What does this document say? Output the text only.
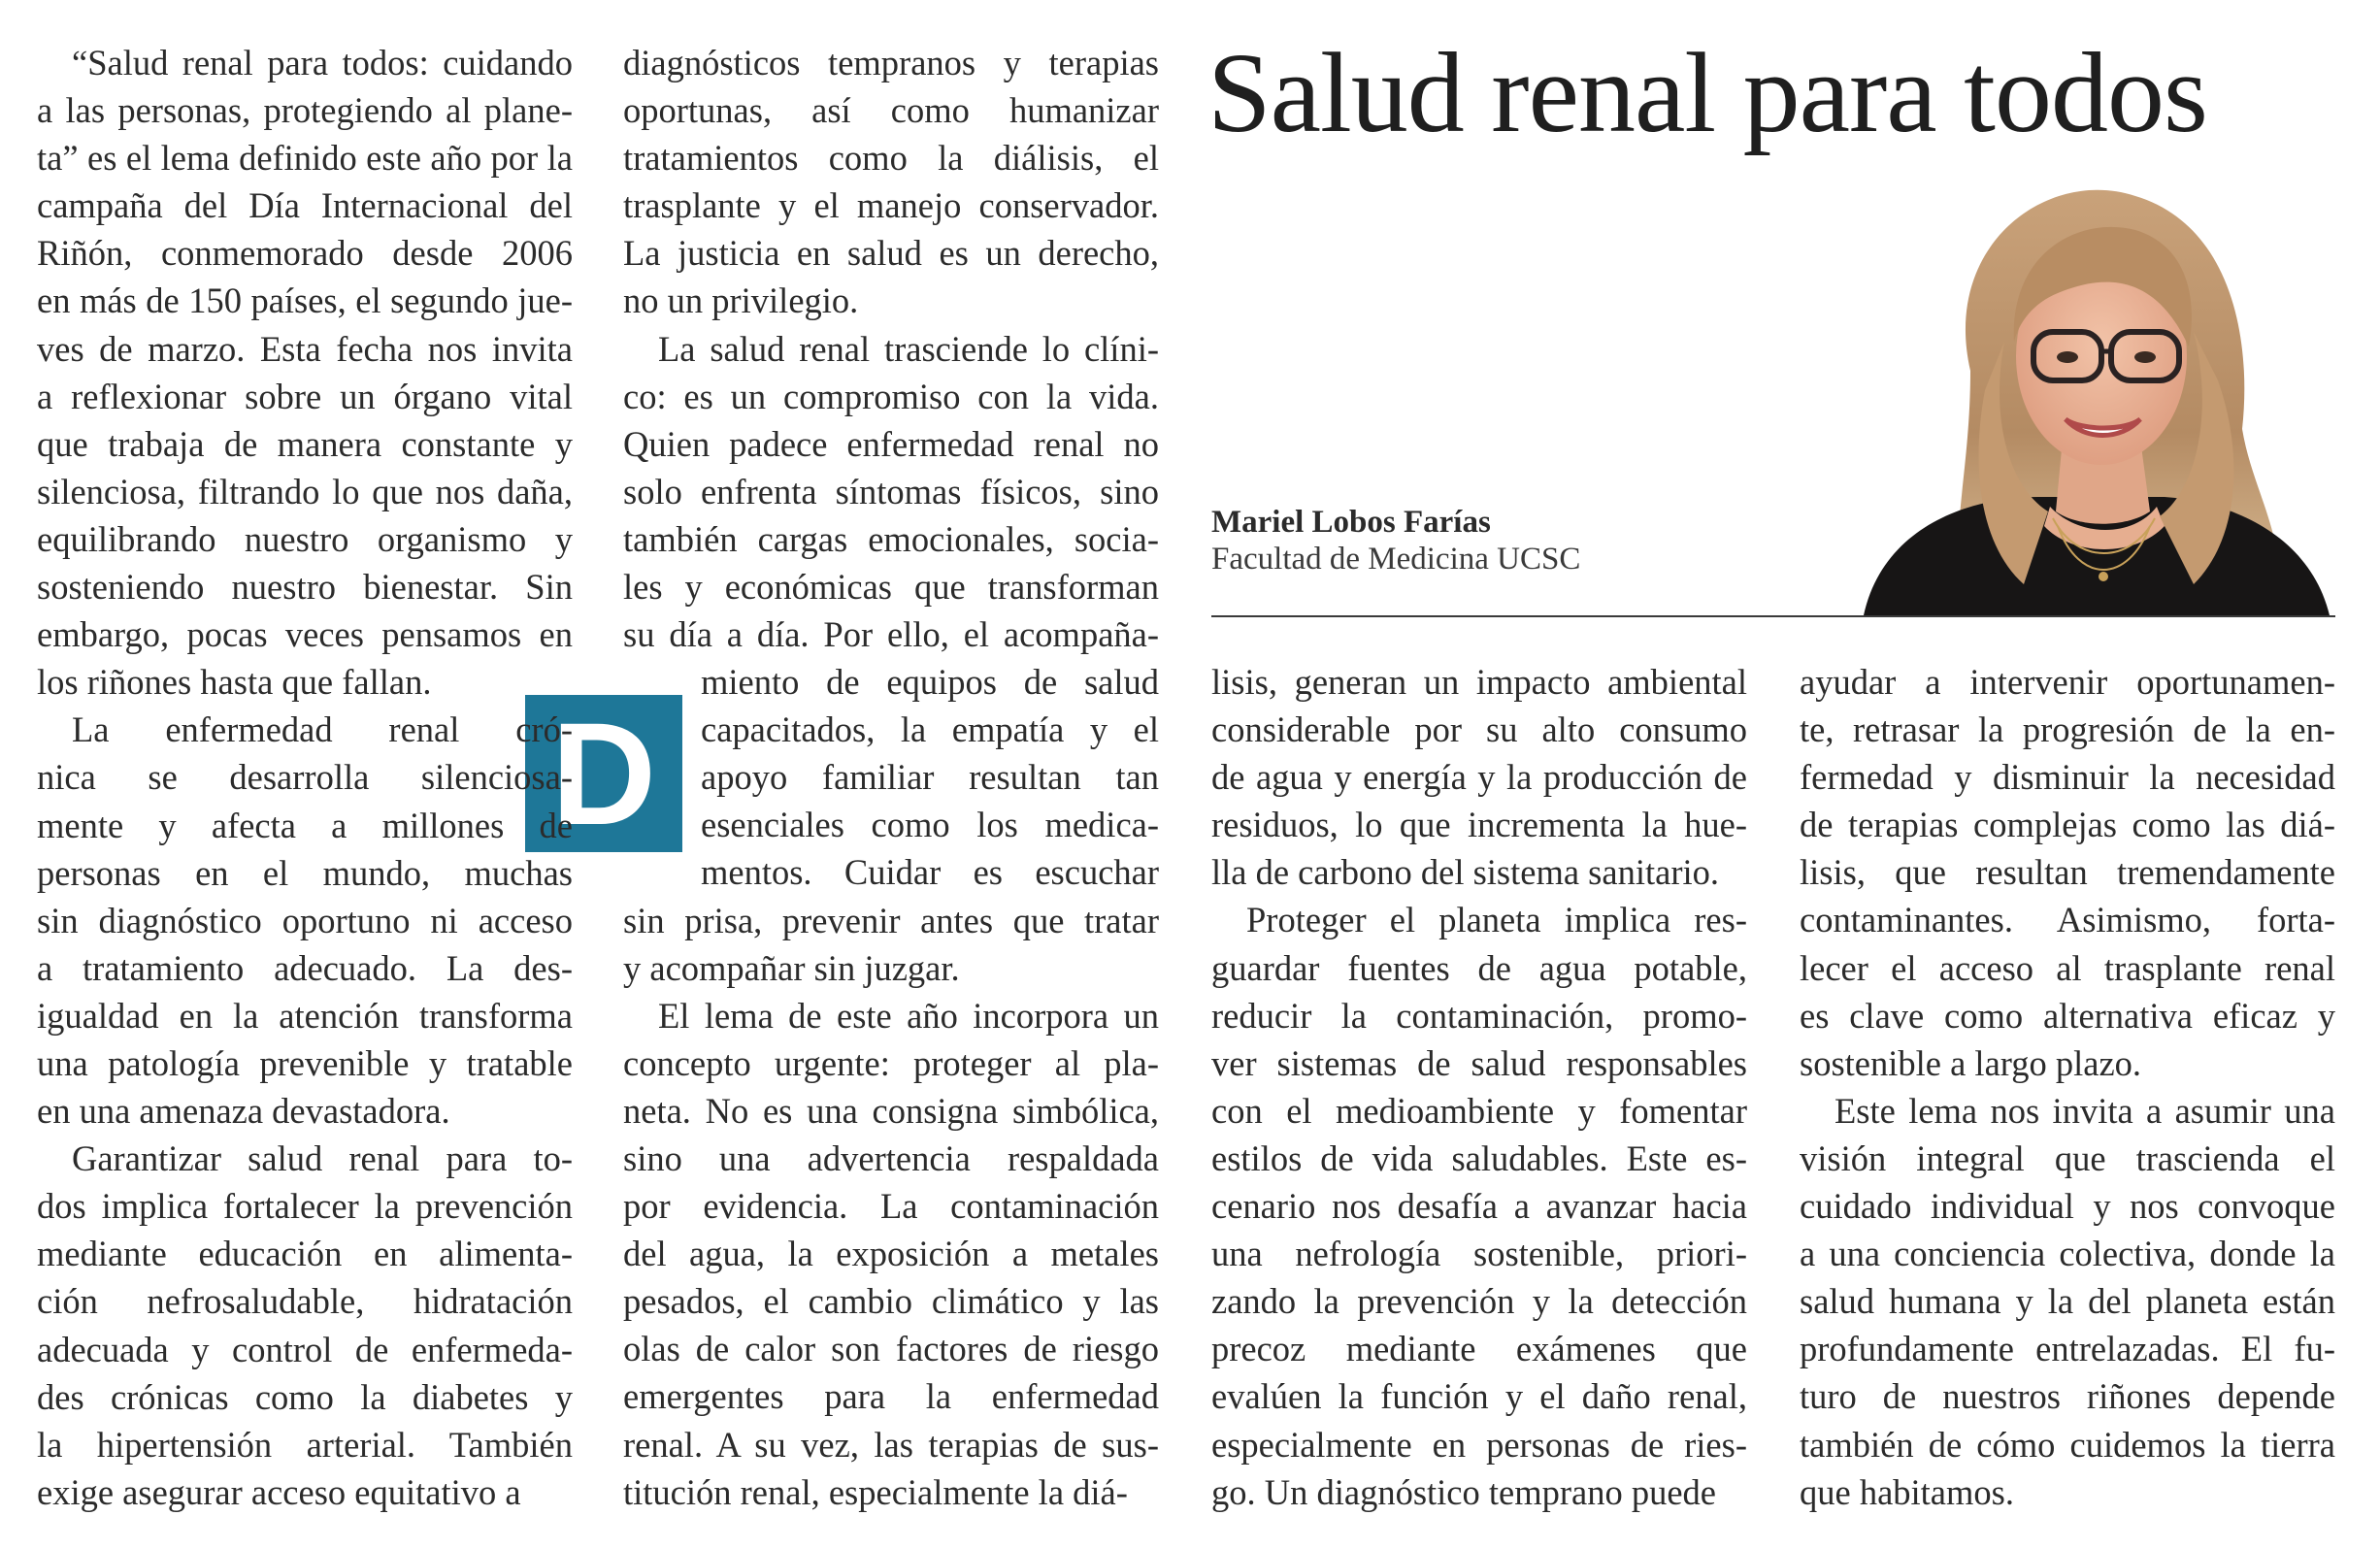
Salud renal para todos
Mariel Lobos Farías
Facultad de Medicina UCSC
D

“Salud renal para todos: cuidando

a las personas, protegiendo al plane-

ta” es el lema definido este año por la

campaña del Día Internacional del

Riñón, conmemorado desde 2006

en más de 150 países, el segundo jue-

ves de marzo. Esta fecha nos invita

a reflexionar sobre un órgano vital

que trabaja de manera constante y

silenciosa, filtrando lo que nos daña,

equilibrando nuestro organismo y

sosteniendo nuestro bienestar. Sin

embargo, pocas veces pensamos en

los riñones hasta que fallan.

La enfermedad renal cró-

nica se desarrolla silenciosa-

mente y afecta a millones de

personas en el mundo, muchas

sin diagnóstico oportuno ni acceso

a tratamiento adecuado. La des-

igualdad en la atención transforma

una patología prevenible y tratable

en una amenaza devastadora.

Garantizar salud renal para to-

dos implica fortalecer la prevención

mediante educación en alimenta-

ción nefrosaludable, hidratación

adecuada y control de enfermeda-

des crónicas como la diabetes y

la hipertensión arterial. También

exige asegurar acceso equitativo a

diagnósticos tempranos y terapias

oportunas, así como humanizar

tratamientos como la diálisis, el

trasplante y el manejo conservador.

La justicia en salud es un derecho,

no un privilegio.

La salud renal trasciende lo clíni-

co: es un compromiso con la vida.

Quien padece enfermedad renal no

solo enfrenta síntomas físicos, sino

también cargas emocionales, socia-

les y económicas que transforman

su día a día. Por ello, el acompaña-

miento de equipos de salud

capacitados, la empatía y el

apoyo familiar resultan tan

esenciales como los medica-

mentos. Cuidar es escuchar

sin prisa, prevenir antes que tratar

y acompañar sin juzgar.

El lema de este año incorpora un

concepto urgente: proteger al pla-

neta. No es una consigna simbólica,

sino una advertencia respaldada

por evidencia. La contaminación

del agua, la exposición a metales

pesados, el cambio climático y las

olas de calor son factores de riesgo

emergentes para la enfermedad

renal. A su vez, las terapias de sus-

titución renal, especialmente la diá-

lisis, generan un impacto ambiental

considerable por su alto consumo

de agua y energía y la producción de

residuos, lo que incrementa la hue-

lla de carbono del sistema sanitario.

Proteger el planeta implica res-

guardar fuentes de agua potable,

reducir la contaminación, promo-

ver sistemas de salud responsables

con el medioambiente y fomentar

estilos de vida saludables. Este es-

cenario nos desafía a avanzar hacia

una nefrología sostenible, priori-

zando la prevención y la detección

precoz mediante exámenes que

evalúen la función y el daño renal,

especialmente en personas de ries-

go. Un diagnóstico temprano puede

ayudar a intervenir oportunamen-

te, retrasar la progresión de la en-

fermedad y disminuir la necesidad

de terapias complejas como las diá-

lisis, que resultan tremendamente

contaminantes. Asimismo, forta-

lecer el acceso al trasplante renal

es clave como alternativa eficaz y

sostenible a largo plazo.

Este lema nos invita a asumir una

visión integral que trascienda el

cuidado individual y nos convoque

a una conciencia colectiva, donde la

salud humana y la del planeta están

profundamente entrelazadas. El fu-

turo de nuestros riñones depende

también de cómo cuidemos la tierra

que habitamos.
